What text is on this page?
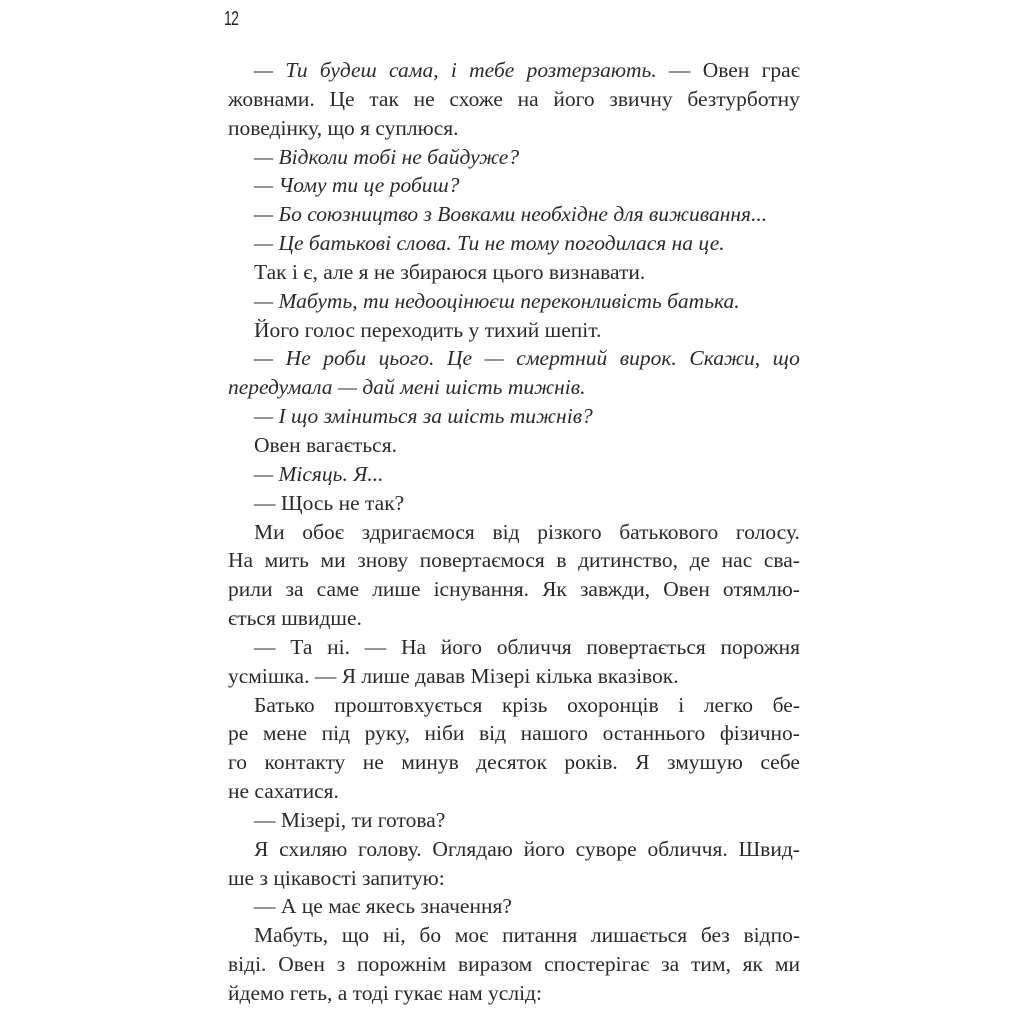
12
— Ти будеш сама, і тебе розтерзають. — Овен грає
жовнами. Це так не схоже на його звичну безтурботну
поведінку, що я суплюся.
— Відколи тобі не байдуже?
— Чому ти це робиш?
— Бо союзництво з Вовками необхідне для виживання...
— Це батькові слова. Ти не тому погодилася на це.
Так і є, але я не збираюся цього визнавати.
— Мабуть, ти недооцінюєш переконливість батька.
Його голос переходить у тихий шепіт.
— Не роби цього. Це — смертний вирок. Скажи, що
передумала — дай мені шість тижнів.
— І що зміниться за шість тижнів?
Овен вагається.
— Місяць. Я...
— Щось не так?
Ми обоє здригаємося від різкого батькового голосу.
На мить ми знову повертаємося в дитинство, де нас сва-
рили за саме лише існування. Як завжди, Овен отямлю-
ється швидше.
— Та ні. — На його обличчя повертається порожня
усмішка. — Я лише давав Мізері кілька вказівок.
Батько проштовхується крізь охоронців і легко бе-
ре мене під руку, ніби від нашого останнього фізично-
го контакту не минув десяток років. Я змушую себе
не сахатися.
— Мізері, ти готова?
Я схиляю голову. Оглядаю його суворе обличчя. Швид-
ше з цікавості запитую:
— А це має якесь значення?
Мабуть, що ні, бо моє питання лишається без відпо-
віді. Овен з порожнім виразом спостерігає за тим, як ми
йдемо геть, а тоді гукає нам услід:
